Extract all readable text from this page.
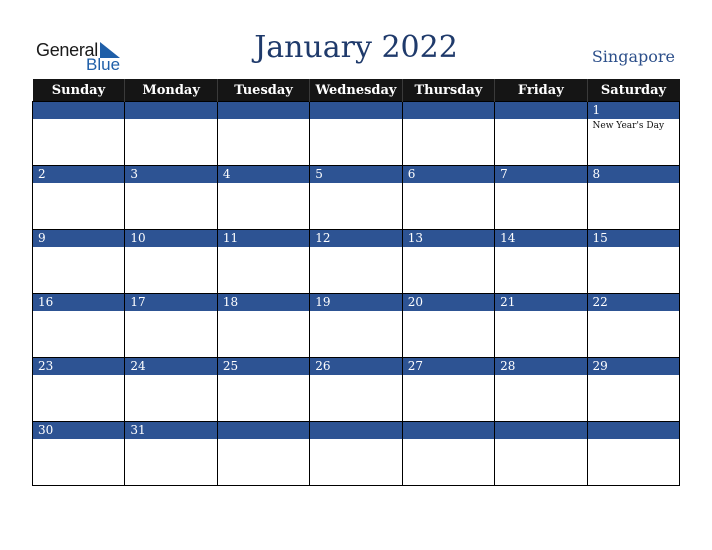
General
Blue	January 2022	Singapore
Sunday	Monday	Tuesday	Wednesday	Thursday	Friday	Saturday

						1
New Year's Day

2	3	4	5	6	7	8

9	10	11	12	13	14	15

16	17	18	19	20	21	22

23	24	25	26	27	28	29

30	31					
